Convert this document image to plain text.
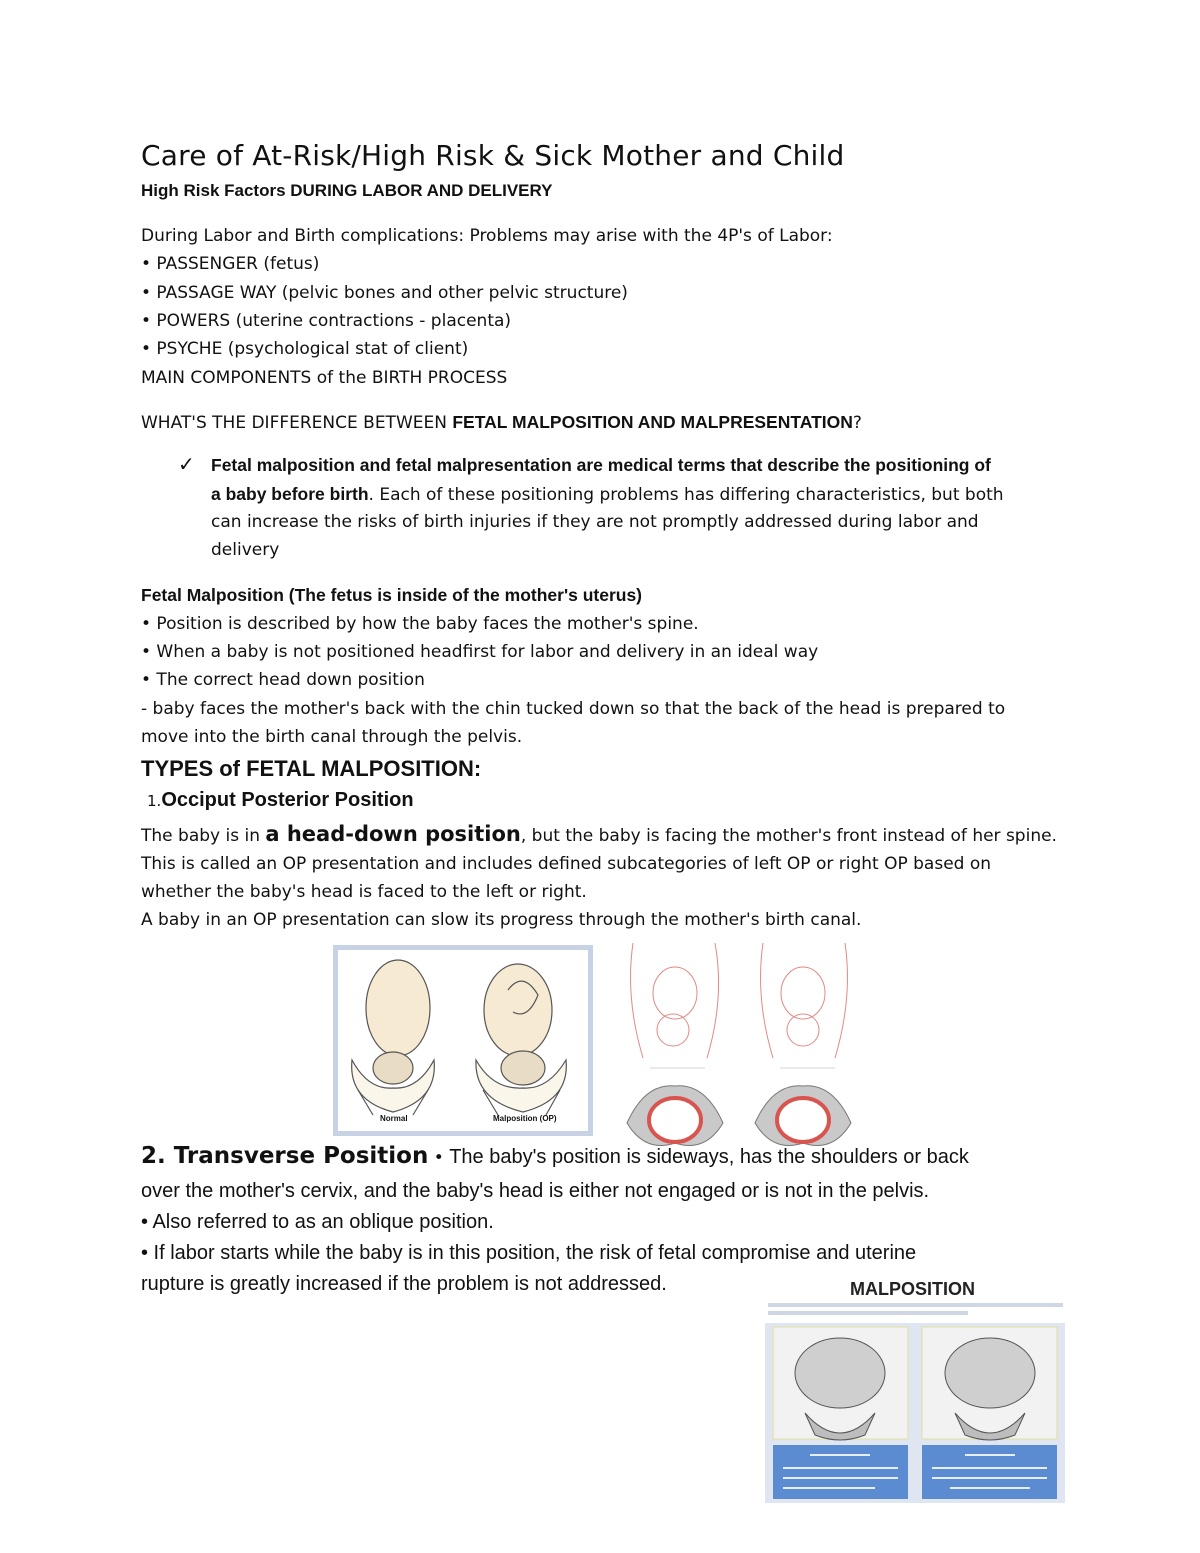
Care of At-Risk/High Risk & Sick Mother and Child
High Risk Factors DURING LABOR AND DELIVERY
During Labor and Birth complications: Problems may arise with the 4P's of Labor:
• PASSENGER (fetus)
• PASSAGE WAY (pelvic bones and other pelvic structure)
• POWERS (uterine contractions - placenta)
• PSYCHE (psychological stat of client)
MAIN COMPONENTS of the BIRTH PROCESS
WHAT'S THE DIFFERENCE BETWEEN FETAL MALPOSITION AND MALPRESENTATION?
✓ Fetal malposition and fetal malpresentation are medical terms that describe the positioning of
a baby before birth. Each of these positioning problems has differing characteristics, but both
can increase the risks of birth injuries if they are not promptly addressed during labor and
delivery
Fetal Malposition (The fetus is inside of the mother's uterus)
• Position is described by how the baby faces the mother's spine.
• When a baby is not positioned headfirst for labor and delivery in an ideal way
• The correct head down position
- baby faces the mother's back with the chin tucked down so that the back of the head is prepared to
move into the birth canal through the pelvis.
TYPES of FETAL MALPOSITION:
1.Occiput Posterior Position
The baby is in a head-down position, but the baby is facing the mother's front instead of her spine.
This is called an OP presentation and includes defined subcategories of left OP or right OP based on
whether the baby's head is faced to the left or right.
A baby in an OP presentation can slow its progress through the mother's birth canal.
Normal	Malposition (OP)
2. Transverse Position • The baby's position is sideways, has the shoulders or back
over the mother's cervix, and the baby's head is either not engaged or is not in the pelvis.
• Also referred to as an oblique position.
• If labor starts while the baby is in this position, the risk of fetal compromise and uterine
rupture is greatly increased if the problem is not addressed.	MALPOSITION
